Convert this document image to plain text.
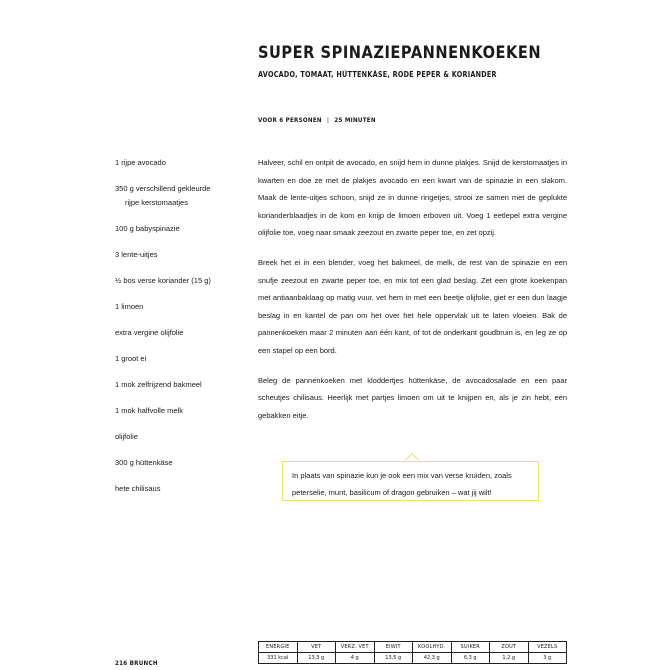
SUPER SPINAZIEPANNENKOEKEN
AVOCADO, TOMAAT, HÜTTENKÄSE, RODE PEPER & KORIANDER
VOOR 6 PERSONEN | 25 MINUTEN
1 rijpe avocado
350 g verschillend gekleurde
rijpe kerstomaatjes
100 g babyspinazie
3 lente-uitjes
½ bos verse koriander (15 g)
1 limoen
extra vergine olijfolie
1 groot ei
1 mok zelfrijzend bakmeel
1 mok halfvolle melk
olijfolie
300 g hüttenkäse
hete chilisaus

Halveer, schil en ontpit de avocado, en snijd hem in dunne plakjes. Snijd de kerstomaatjes in kwarten en doe ze met de plakjes avocado en een kwart van de spinazie in een slakom. Maak de lente-uitjes schoon, snijd ze in dunne ringetjes, strooi ze samen met de geplukte korianderblaadjes in de kom en knijp de limoen erboven uit. Voeg 1 eetlepel extra vergine olijfolie toe, voeg naar smaak zeezout en zwarte peper toe, en zet opzij.

Breek het ei in een blender, voeg het bakmeel, de melk, de rest van de spinazie en een snufje zeezout en zwarte peper toe, en mix tot een glad beslag. Zet een grote koekenpan met antiaanbaklaag op matig vuur, vet hem in met een beetje olijfolie, giet er een dun laagje beslag in en kantel de pan om het over het hele oppervlak uit te laten vloeien. Bak de pannenkoeken maar 2 minuten aan één kant, of tot de onderkant goudbruin is, en leg ze op een stapel op een bord.

Beleg de pannenkoeken met kloddertjes hüttenkäse, de avocadosalade en een paar scheutjes chilisaus. Heerlijk met partjes limoen om uit te knijpen en, als je zin hebt, een gebakken eitje.

In plaats van spinazie kun je ook een mix van verse kruiden, zoals peterselie, munt, basilicum of dragon gebruiken – wat jij wilt!
ENERGIE	VET	VERZ. VET	EIWIT	KOOLHYD.	SUIKER	ZOUT	VEZELS
331 kcal	13,3 g	4 g	13,5 g	42,3 g	6,3 g	1,2 g	3 g
216 BRUNCH
